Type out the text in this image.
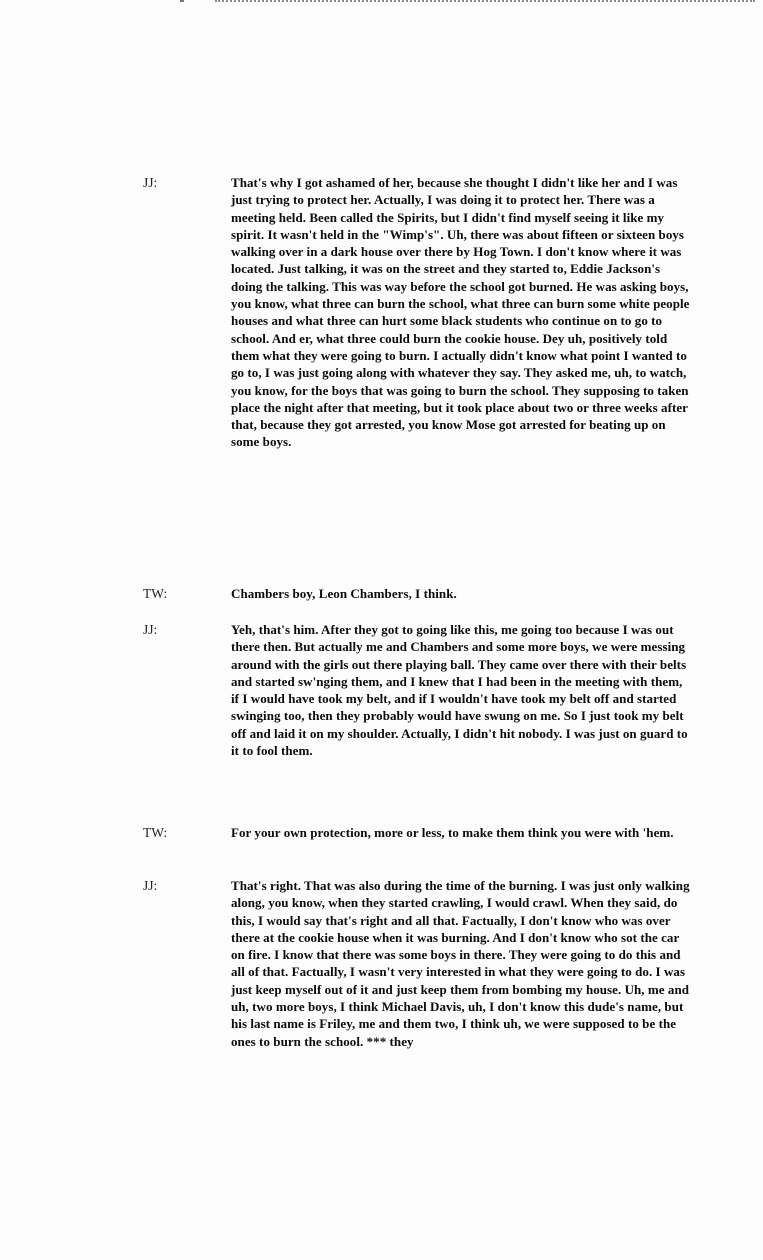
JJ:	That's why I got ashamed of her, because she thought I didn't like her and I was just trying to protect her. Actually, I was doing it to protect her. There was a meeting held. Been called the Spirits, but I didn't find myself seeing it like my spirit. It wasn't held in the "Wimp's". Uh, there was about fifteen or sixteen boys walking over in a dark house over there by Hog Town. I don't know where it was located. Just talking, it was on the street and they started to, Eddie Jackson's doing the talking. This was way before the school got burned. He was asking boys, you know, what three can burn the school, what three can burn some white people houses and what three can hurt some black students who continue on to go to school. And er, what three could burn the cookie house. Dey uh, positively told them what they were going to burn. I actually didn't know what point I wanted to go to, I was just going along with whatever they say. They asked me, uh, to watch, you know, for the boys that was going to burn the school. They supposing to taken place the night after that meeting, but it took place about two or three weeks after that, because they got arrested, you know Mose got arrested for beating up on some boys.
TW:	Chambers boy, Leon Chambers, I think.
JJ:	Yeh, that's him. After they got to going like this, me going too because I was out there then. But actually me and Chambers and some more boys, we were messing around with the girls out there playing ball. They came over there with their belts and started sw'nging them, and I knew that I had been in the meeting with them, if I would have took my belt, and if I wouldn't have took my belt off and started swinging too, then they probably would have swung on me. So I just took my belt off and laid it on my shoulder. Actually, I didn't hit nobody. I was just on guard to it to fool them.
TW:	For your own protection, more or less, to make them think you were with 'hem.
JJ:	That's right. That was also during the time of the burning. I was just only walking along, you know, when they started crawling, I would crawl. When they said, do this, I would say that's right and all that. Factually, I don't know who was over there at the cookie house when it was burning. And I don't know who sot the car on fire. I know that there was some boys in there. They were going to do this and all of that. Factually, I wasn't very interested in what they were going to do. I was just keep myself out of it and just keep them from bombing my house. Uh, me and uh, two more boys, I think Michael Davis, uh, I don't know this dude's name, but his last name is Friley, me and them two, I think uh, we were supposed to be the ones to burn the school. *** they
